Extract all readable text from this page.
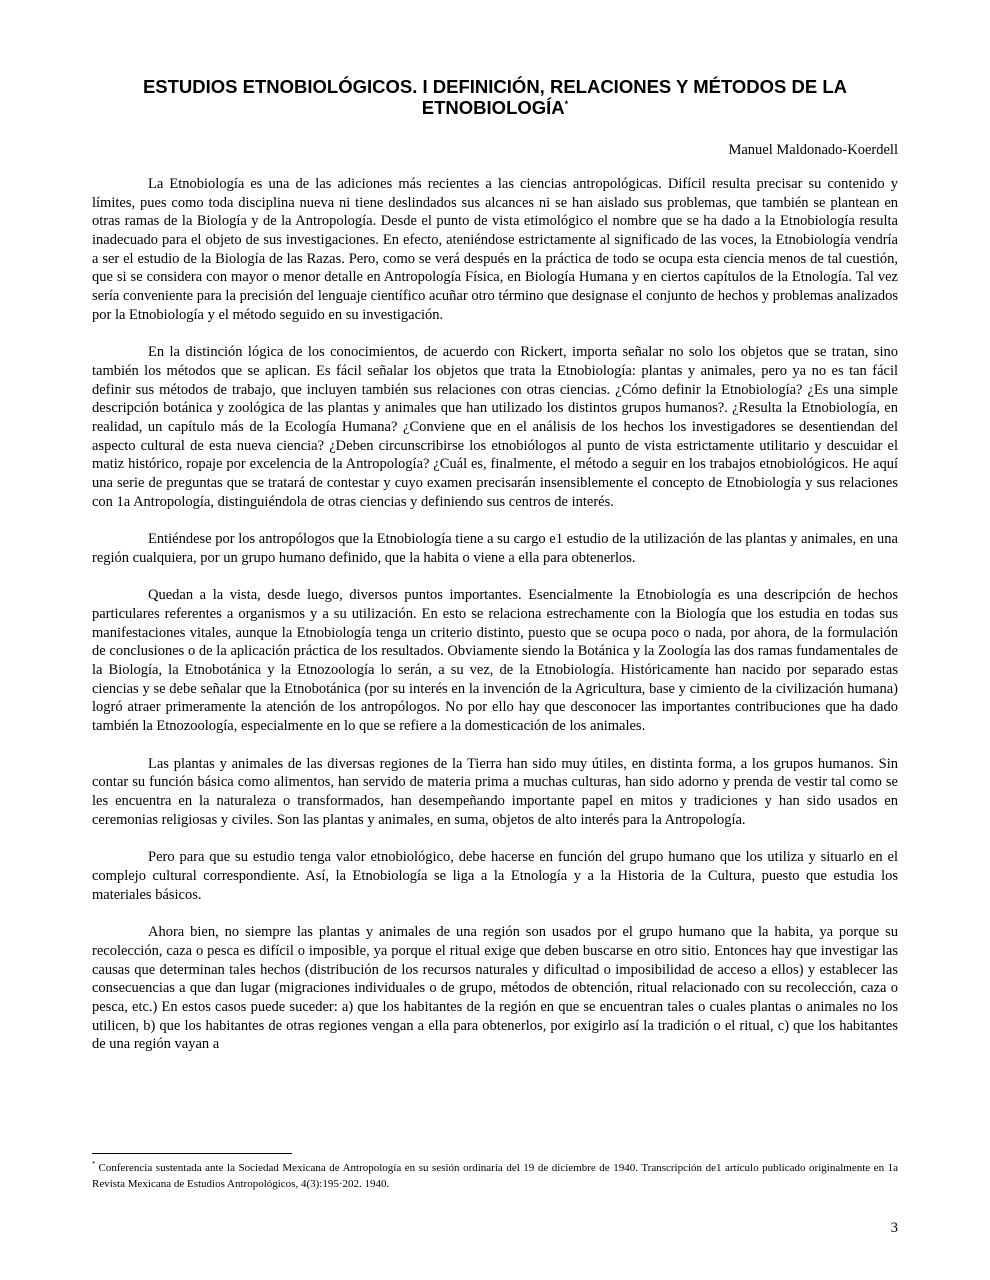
ESTUDIOS ETNOBIOLÓGICOS. I DEFINICIÓN, RELACIONES Y MÉTODOS DE LA ETNOBIOLOGÍA*
Manuel Maldonado-Koerdell

La Etnobiología es una de las adiciones más recientes a las ciencias antropológicas. Difícil resulta precisar su contenido y límites, pues como toda disciplina nueva ni tiene deslindados sus alcances ni se han aislado sus problemas, que también se plantean en otras ramas de la Biología y de la Antropología. Desde el punto de vista etimológico el nombre que se ha dado a la Etnobiología resulta inadecuado para el objeto de sus investigaciones. En efecto, ateniéndose estrictamente al significado de las voces, la Etnobiología vendría a ser el estudio de la Biología de las Razas. Pero, como se verá después en la práctica de todo se ocupa esta ciencia menos de tal cuestión, que si se considera con mayor o menor detalle en Antropología Física, en Biología Humana y en ciertos capítulos de la Etnología. Tal vez sería conveniente para la precisión del lenguaje científico acuñar otro término que designase el conjunto de hechos y problemas analizados por la Etnobiología y el método seguido en su investigación.

En la distinción lógica de los conocimientos, de acuerdo con Rickert, importa señalar no solo los objetos que se tratan, sino también los métodos que se aplican. Es fácil señalar los objetos que trata la Etnobiología: plantas y animales, pero ya no es tan fácil definir sus métodos de trabajo, que incluyen también sus relaciones con otras ciencias. ¿Cómo definir la Etnobiología? ¿Es una simple descripción botánica y zoológica de las plantas y animales que han utilizado los distintos grupos humanos?. ¿Resulta la Etnobiología, en realidad, un capítulo más de la Ecología Humana? ¿Conviene que en el análisis de los hechos los investigadores se desentiendan del aspecto cultural de esta nueva ciencia? ¿Deben circunscribirse los etnobiólogos al punto de vista estrictamente utilitario y descuidar el matiz histórico, ropaje por excelencia de la Antropología? ¿Cuál es, finalmente, el método a seguir en los trabajos etnobiológicos. He aquí una serie de preguntas que se tratará de contestar y cuyo examen precisarán insensiblemente el concepto de Etnobiología y sus relaciones con 1a Antropología, distinguiéndola de otras ciencias y definiendo sus centros de interés.

Entiéndese por los antropólogos que la Etnobiología tiene a su cargo e1 estudio de la utilización de las plantas y animales, en una región cualquiera, por un grupo humano definido, que la habita o viene a ella para obtenerlos.

Quedan a la vista, desde luego, diversos puntos importantes. Esencialmente la Etnobiología es una descripción de hechos particulares referentes a organismos y a su utilización. En esto se relaciona estrechamente con la Biología que los estudia en todas sus manifestaciones vitales, aunque la Etnobiología tenga un criterio distinto, puesto que se ocupa poco o nada, por ahora, de la formulación de conclusiones o de la aplicación práctica de los resultados. Obviamente siendo la Botánica y la Zoología las dos ramas fundamentales de la Biología, la Etnobotánica y la Etnozoología lo serán, a su vez, de la Etnobiología. Históricamente han nacido por separado estas ciencias y se debe señalar que la Etnobotánica (por su interés en la invención de la Agricultura, base y cimiento de la civilización humana) logró atraer primeramente la atención de los antropólogos. No por ello hay que desconocer las importantes contribuciones que ha dado también la Etnozoología, especialmente en lo que se refiere a la domesticación de los animales.

Las plantas y animales de las diversas regiones de la Tierra han sido muy útiles, en distinta forma, a los grupos humanos. Sin contar su función básica como alimentos, han servido de materia prima a muchas culturas, han sido adorno y prenda de vestir tal como se les encuentra en la naturaleza o transformados, han desempeñando importante papel en mitos y tradiciones y han sido usados en ceremonias religiosas y civiles. Son las plantas y animales, en suma, objetos de alto interés para la Antropología.

Pero para que su estudio tenga valor etnobiológico, debe hacerse en función del grupo humano que los utiliza y situarlo en el complejo cultural correspondiente. Así, la Etnobiología se liga a la Etnología y a la Historia de la Cultura, puesto que estudia los materiales básicos.

Ahora bien, no siempre las plantas y animales de una región son usados por el grupo humano que la habita, ya porque su recolección, caza o pesca es difícil o imposible, ya porque el ritual exige que deben buscarse en otro sitio. Entonces hay que investigar las causas que determinan tales hechos (distribución de los recursos naturales y dificultad o imposibilidad de acceso a ellos) y establecer las consecuencias a que dan lugar (migraciones individuales o de grupo, métodos de obtención, ritual relacionado con su recolección, caza o pesca, etc.) En estos casos puede suceder: a) que los habitantes de la región en que se encuentran tales o cuales plantas o animales no los utilicen, b) que los habitantes de otras regiones vengan a ella para obtenerlos, por exigirlo así la tradición o el ritual, c) que los habitantes de una región vayan a

* Conferencia sustentada ante la Sociedad Mexicana de Antropología en su sesión ordinaria del 19 de diciembre de 1940. Transcripción de1 artículo publicado originalmente en 1a Revista Mexicana de Estudios Antropológicos, 4(3):195·202. 1940.
3
